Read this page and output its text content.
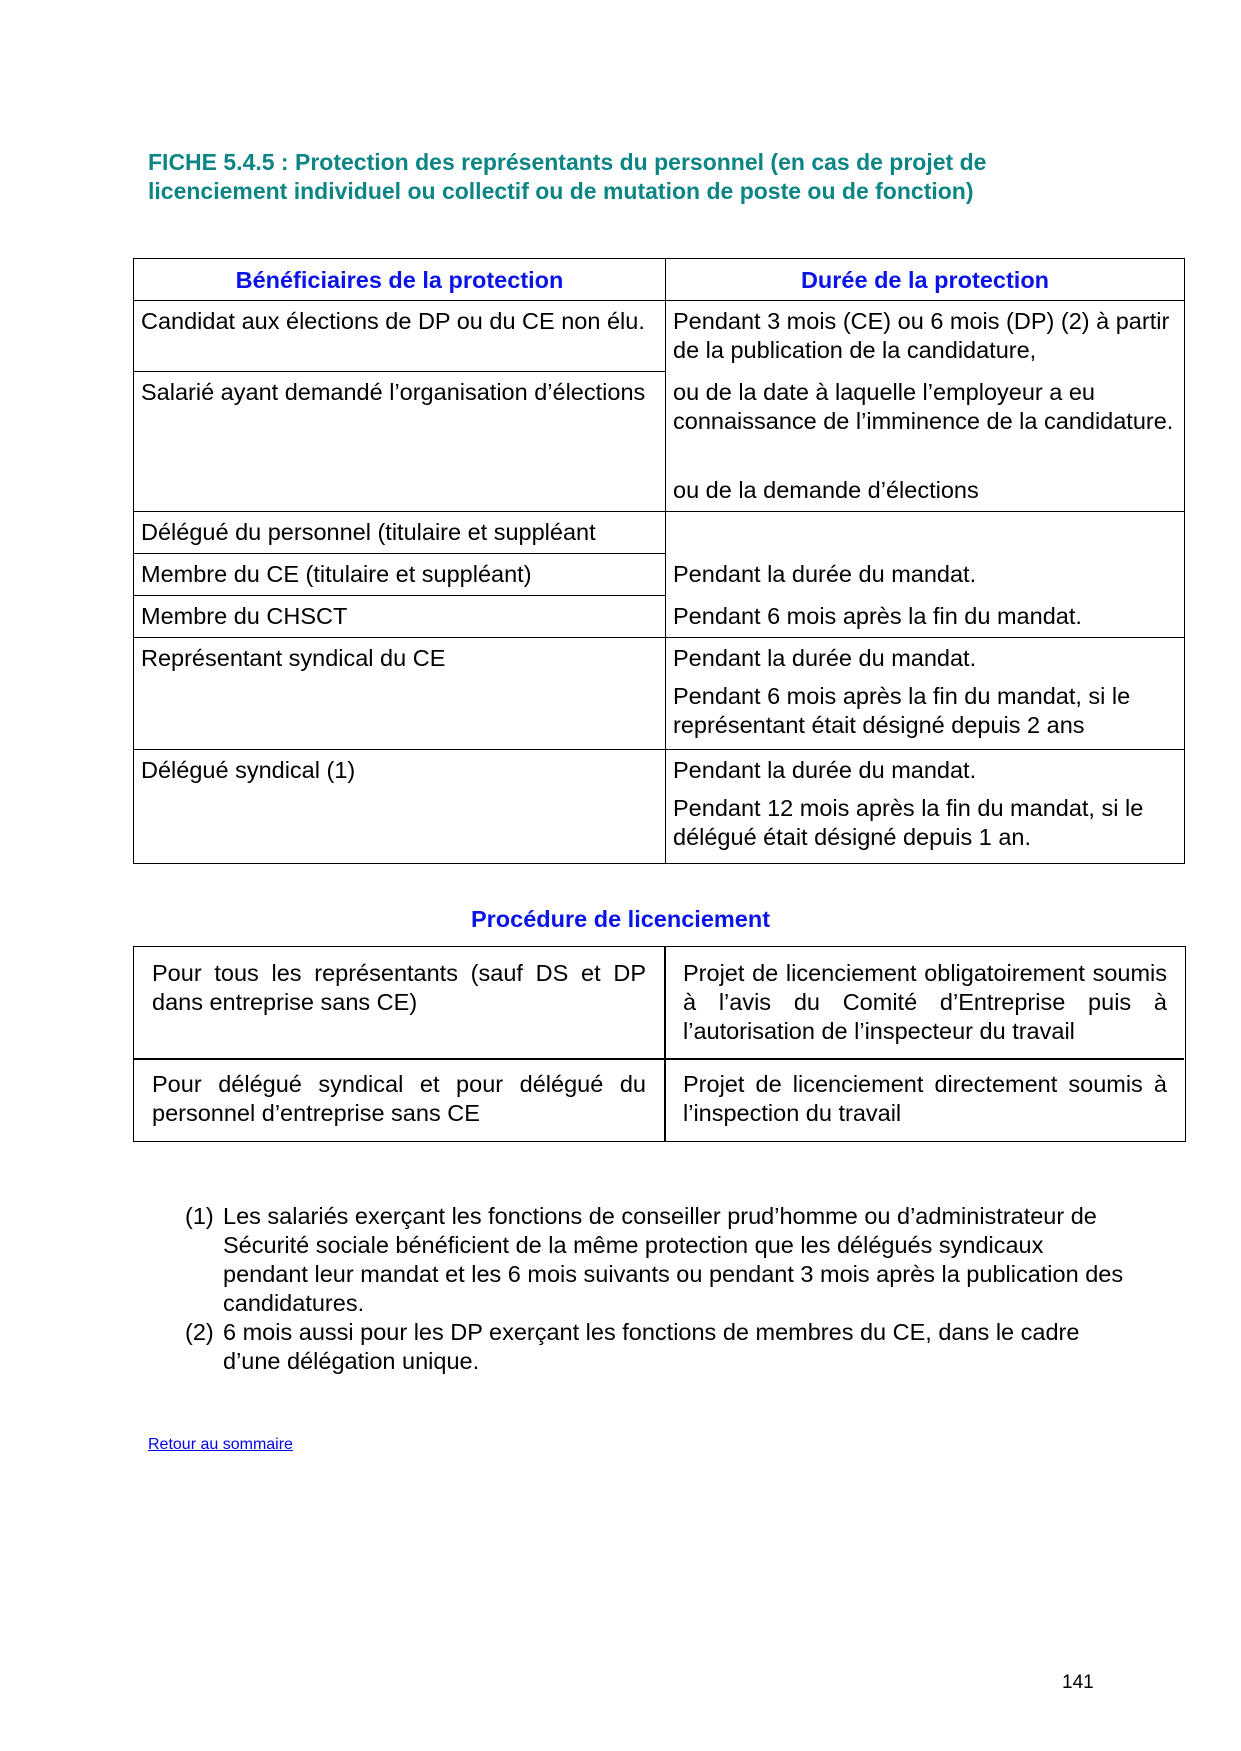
FICHE 5.4.5 : Protection des représentants du personnel (en cas de projet de licenciement individuel ou collectif ou de mutation de poste ou de fonction)
Bénéficiaires de la protection	Durée de la protection
Candidat aux élections de DP ou du CE non élu.
Salarié ayant demandé l’organisation d’élections
Délégué du personnel (titulaire et suppléant
Membre du CE (titulaire et suppléant)
Membre du CHSCT
Représentant syndical du CE
Délégué syndical (1)
Pendant 3 mois (CE) ou 6 mois (DP) (2) à partir de la publication de la candidature,
ou de la date à laquelle l’employeur a eu connaissance de l’imminence de la candidature.
ou de la demande d’élections
Pendant la durée du mandat.
Pendant 6 mois après la fin du mandat.
Pendant la durée du mandat.
Pendant 6 mois après la fin du mandat, si le représentant était désigné depuis 2 ans
Pendant la durée du mandat.
Pendant 12 mois après la fin du mandat, si le délégué était désigné depuis 1 an.
Procédure de licenciement
Pour tous les représentants (sauf DS et DP dans entreprise sans CE)
Projet de licenciement obligatoirement soumis à l’avis du Comité d’Entreprise puis à l’autorisation de l’inspecteur du travail
Pour délégué syndical et pour délégué du personnel d’entreprise sans CE
Projet de licenciement directement soumis à l’inspection du travail
(1) Les salariés exerçant les fonctions de conseiller prud’homme ou d’administrateur de Sécurité sociale bénéficient de la même protection que les délégués syndicaux pendant leur mandat et les 6 mois suivants ou pendant 3 mois après la publication des candidatures.
(2) 6 mois aussi pour les DP exerçant les fonctions de membres du CE, dans le cadre d’une délégation unique.
Retour au sommaire
141
